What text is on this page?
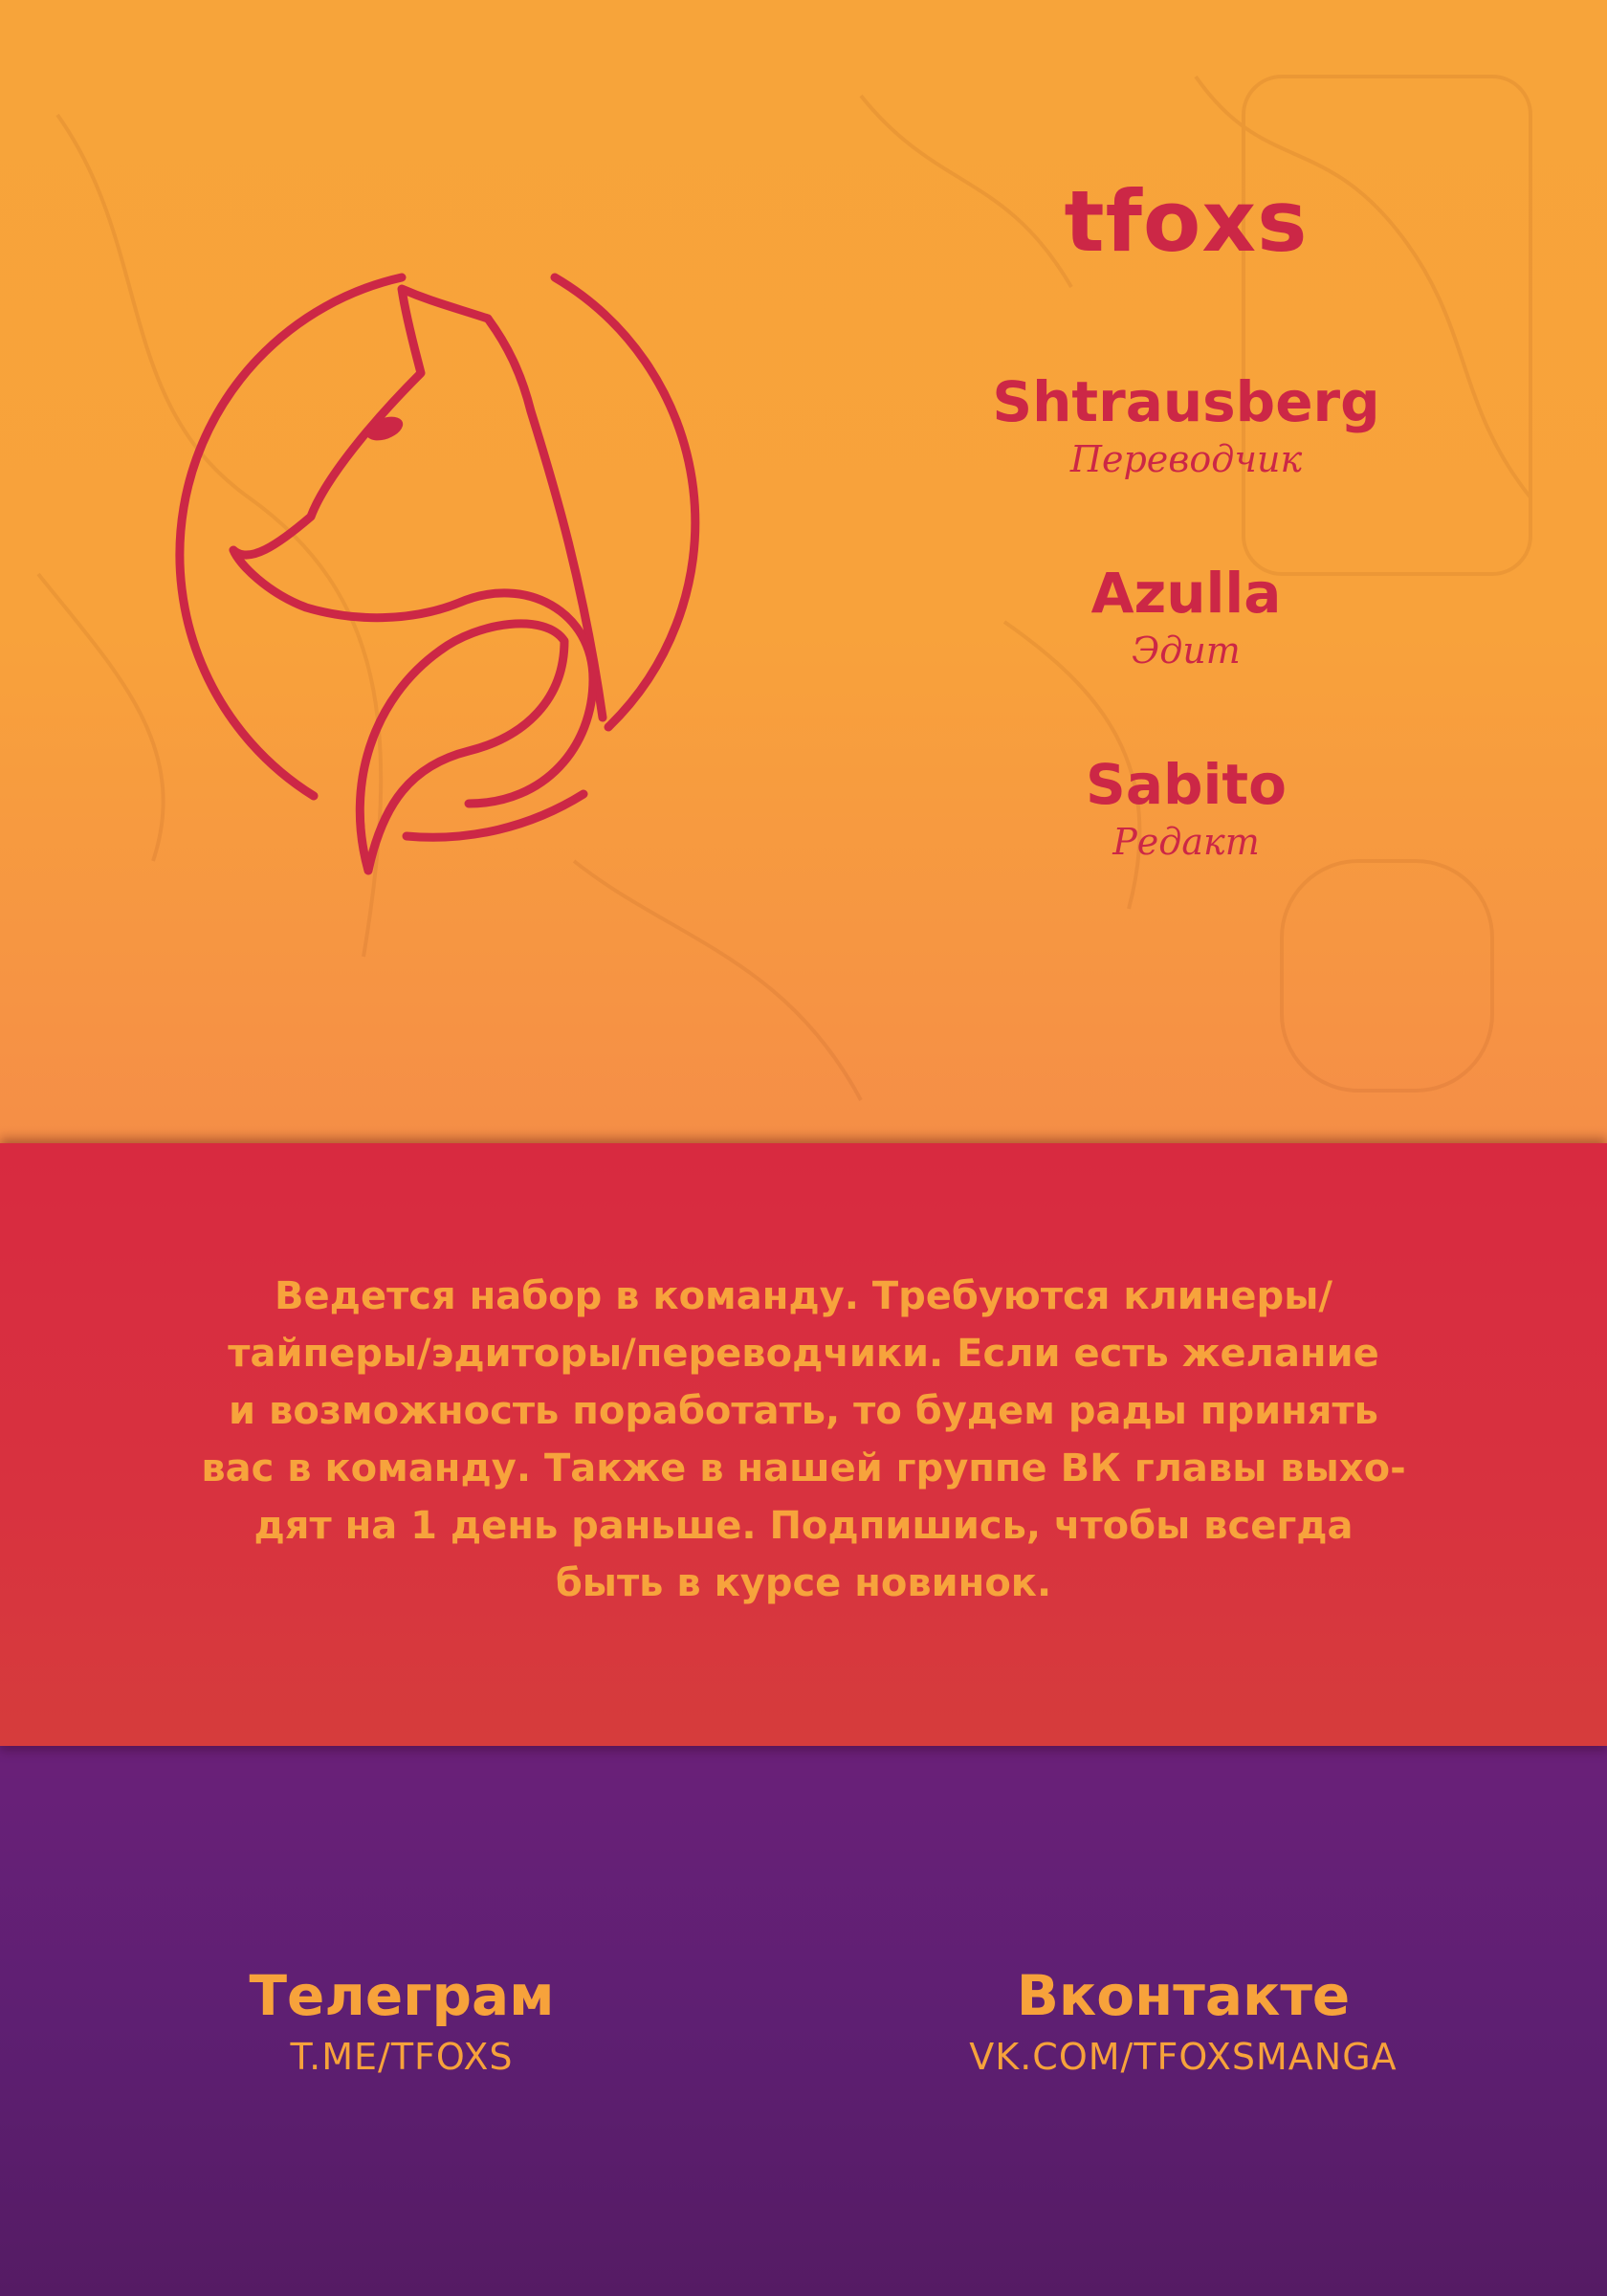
tfoxs
Shtrausberg
Переводчик
Azulla
Эдит
Sabito
Редакт
Ведется набор в команду. Требуются клинеры/
тайперы/эдиторы/переводчики. Если есть желание
и возможность поработать, то будем рады принять
вас в команду. Также в нашей группе ВК главы выхо-
дят на 1 день раньше. Подпишись, чтобы всегда
быть в курсе новинок.
Телеграм
T.ME/TFOXS
Вконтакте
VK.COM/TFOXSMANGA
